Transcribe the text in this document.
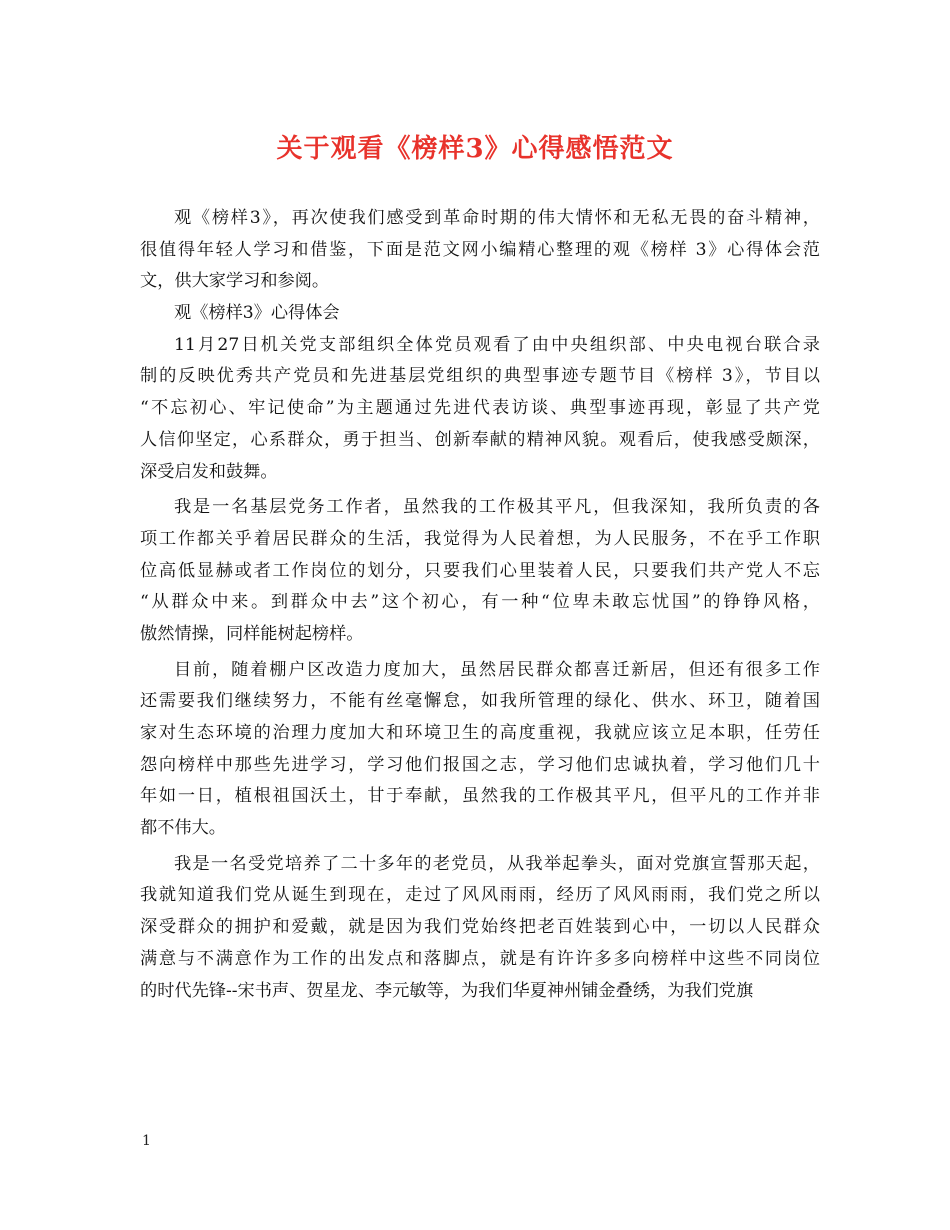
关于观看《榜样3》心得感悟范文
观《榜样3》，再次使我们感受到革命时期的伟大情怀和无私无畏的奋斗精神，
很值得年轻人学习和借鉴，下面是范文网小编精心整理的观《榜样 3》心得体会范
文，供大家学习和参阅。
观《榜样3》心得体会
11月27日机关党支部组织全体党员观看了由中央组织部、中央电视台联合录
制的反映优秀共产党员和先进基层党组织的典型事迹专题节目《榜样 3》，节目以
“不忘初心、牢记使命”为主题通过先进代表访谈、典型事迹再现，彰显了共产党
人信仰坚定，心系群众，勇于担当、创新奉献的精神风貌。观看后，使我感受颇深，
深受启发和鼓舞。
我是一名基层党务工作者，虽然我的工作极其平凡，但我深知，我所负责的各
项工作都关乎着居民群众的生活，我觉得为人民着想，为人民服务，不在乎工作职
位高低显赫或者工作岗位的划分，只要我们心里装着人民，只要我们共产党人不忘
“从群众中来。到群众中去”这个初心，有一种“位卑未敢忘忧国”的铮铮风格，
傲然情操，同样能树起榜样。
目前，随着棚户区改造力度加大，虽然居民群众都喜迁新居，但还有很多工作
还需要我们继续努力，不能有丝毫懈怠，如我所管理的绿化、供水、环卫，随着国
家对生态环境的治理力度加大和环境卫生的高度重视，我就应该立足本职，任劳任
怨向榜样中那些先进学习，学习他们报国之志，学习他们忠诚执着，学习他们几十
年如一日，植根祖国沃土，甘于奉献，虽然我的工作极其平凡，但平凡的工作并非
都不伟大。
我是一名受党培养了二十多年的老党员，从我举起拳头，面对党旗宣誓那天起，
我就知道我们党从诞生到现在，走过了风风雨雨，经历了风风雨雨，我们党之所以
深受群众的拥护和爱戴，就是因为我们党始终把老百姓装到心中，一切以人民群众
满意与不满意作为工作的出发点和落脚点，就是有许许多多向榜样中这些不同岗位
的时代先锋--宋书声、贺星龙、李元敏等，为我们华夏神州铺金叠绣，为我们党旗
1
